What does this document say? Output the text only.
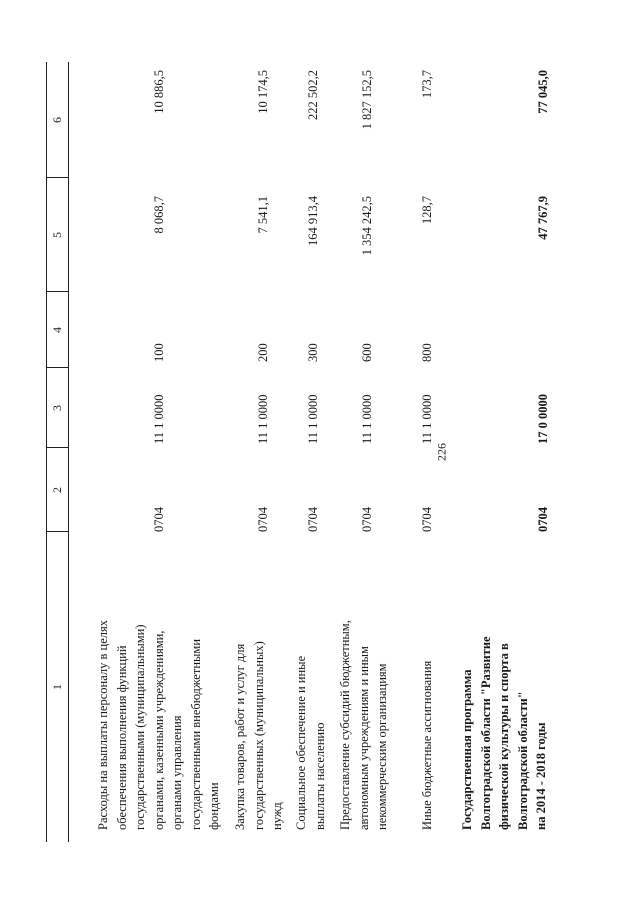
226
1
2
3
4
5
6
Расходы на выплаты персоналу в целях
обеспечения выполнения функций
государственными (муниципальными)
органами, казенными учреждениями,
органами управления
государственными внебюджетными
фондами
0704
11 1 0000
100
8 068,7
10 886,5
Закупка товаров, работ и услуг для
государственных (муниципальных)
нужд
0704
11 1 0000
200
7 541,1
10 174,5
Социальное обеспечение и иные
выплаты населению
0704
11 1 0000
300
164 913,4
222 502,2
Предоставление субсидий бюджетным,
автономным учреждениям и иным
некоммерческим организациям
0704
11 1 0000
600
1 354 242,5
1 827 152,5
Иные бюджетные ассигнования
0704
11 1 0000
800
128,7
173,7
Государственная программа
Волгоградской области "Развитие
физической культуры и спорта в
Волгоградской области"
на 2014 - 2018 годы
0704
17 0 0000
47 767,9
77 045,0
